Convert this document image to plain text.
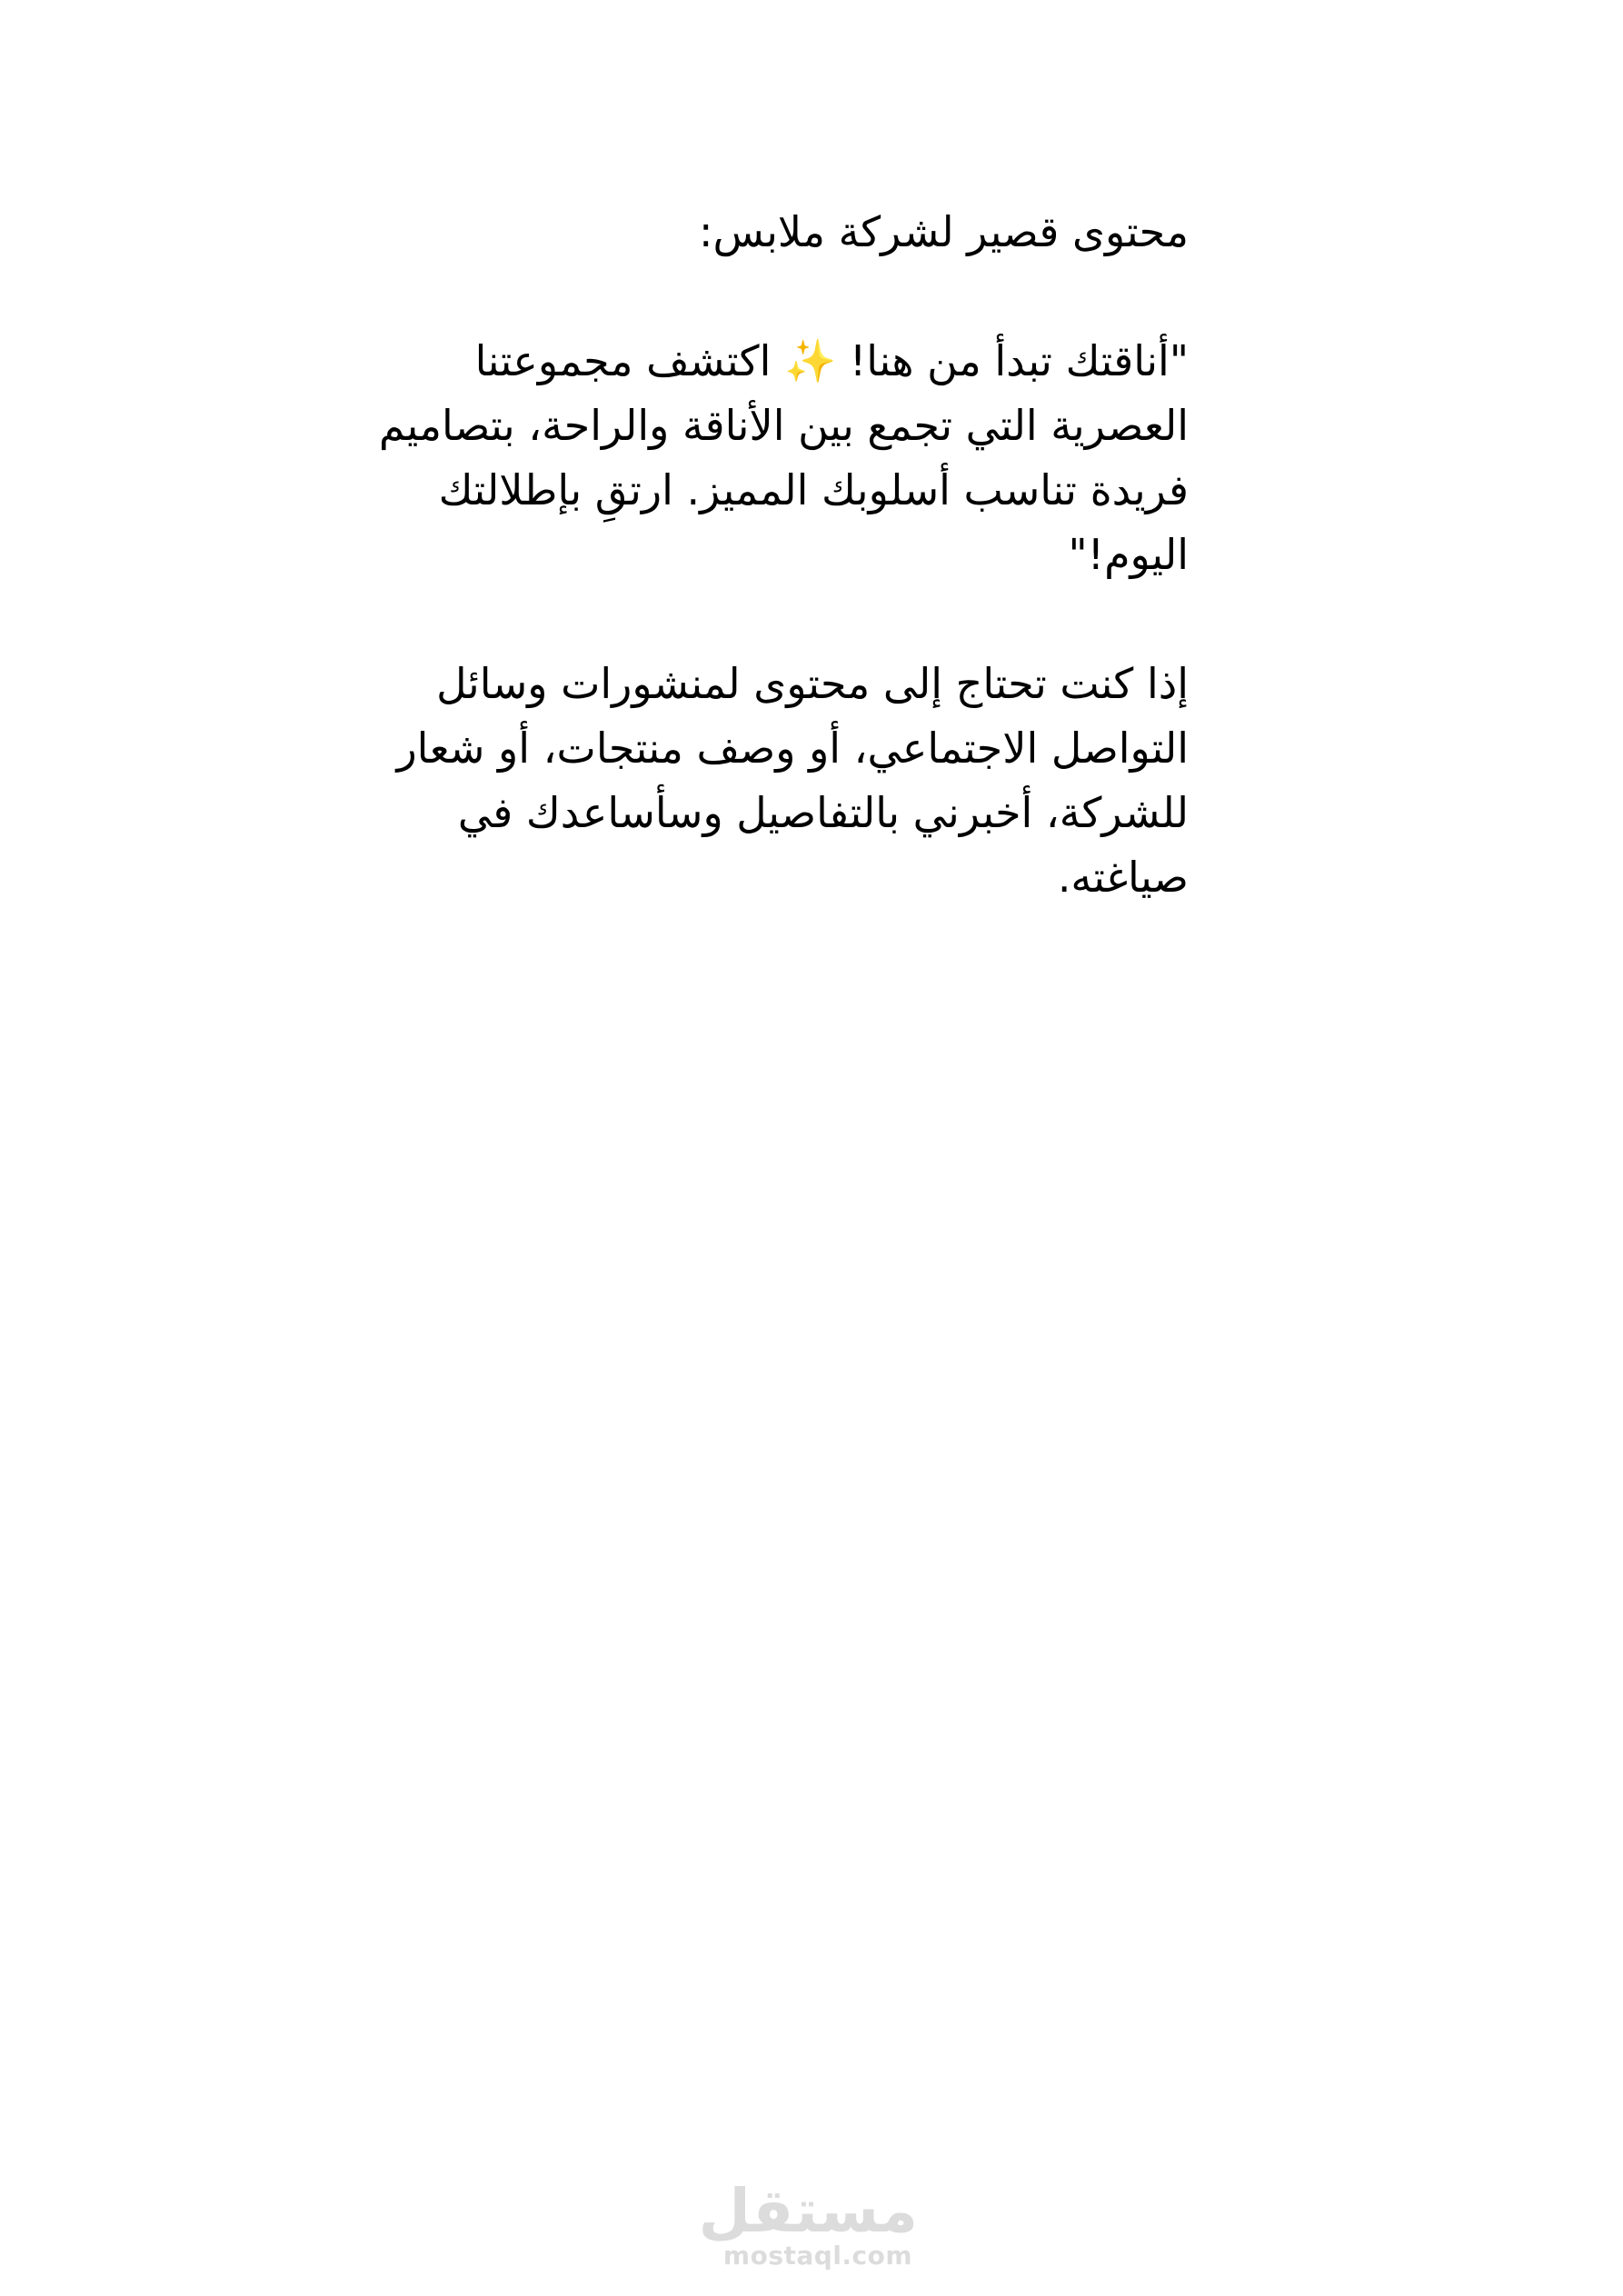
محتوى قصير لشركة ملابس:

"أناقتك تبدأ من هنا! ✨ اكتشف مجموعتنا
العصرية التي تجمع بين الأناقة والراحة، بتصاميم
فريدة تناسب أسلوبك المميز. ارتقِ بإطلالتك
اليوم!"

إذا كنت تحتاج إلى محتوى لمنشورات وسائل
التواصل الاجتماعي، أو وصف منتجات، أو شعار
للشركة، أخبرني بالتفاصيل وسأساعدك في
صياغته.

مستقل
mostaql.com
